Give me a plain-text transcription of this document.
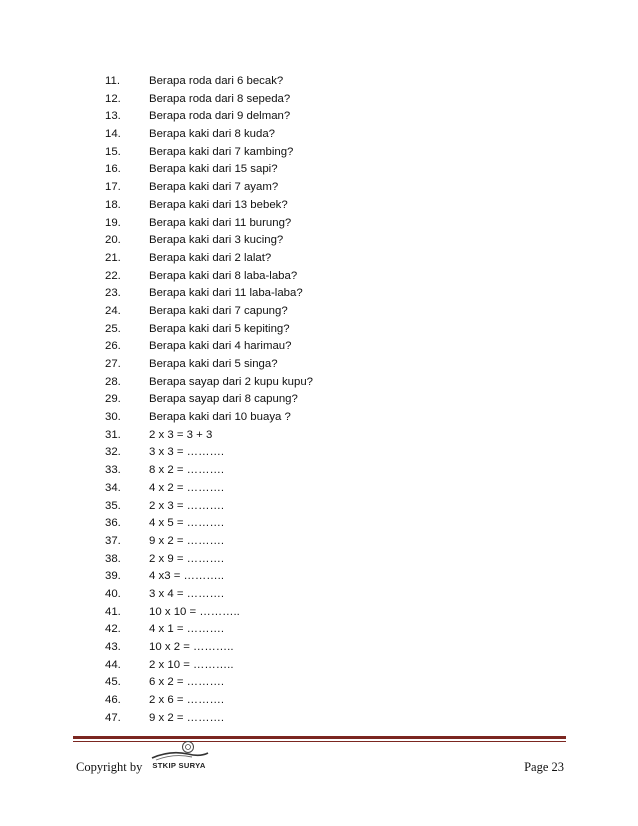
11.	Berapa roda dari 6 becak?
12. Berapa roda dari 8 sepeda?
13. Berapa roda dari 9 delman?
14. Berapa kaki dari 8 kuda?
15. Berapa kaki dari 7 kambing?
16. Berapa kaki dari 15 sapi?
17. Berapa kaki dari 7 ayam?
18. Berapa kaki dari 13 bebek?
19. Berapa kaki dari 11 burung?
20. Berapa kaki dari 3 kucing?
21. Berapa kaki dari 2 lalat?
22. Berapa kaki dari 8 laba-laba?
23. Berapa kaki dari 11 laba-laba?
24. Berapa kaki dari 7 capung?
25. Berapa kaki dari 5 kepiting?
26. Berapa kaki dari 4 harimau?
27. Berapa kaki dari 5 singa?
28. Berapa sayap dari 2 kupu kupu?
29. Berapa sayap dari 8 capung?
30. Berapa kaki dari 10 buaya ?
31. 2 x 3 = 3 + 3
32. 3 x 3 = ……….
33. 8 x 2 = ……….
34. 4 x 2 = ……….
35. 2 x 3 = ……….
36. 4 x 5 = ……….
37. 9 x 2 = ……….
38. 2 x 9 = ……….
39. 4 x3 = ………..
40. 3 x 4 = ……….
41. 10 x 10 = ………..
42. 4 x 1 = ……….
43. 10 x 2 = ………..
44. 2 x 10 = ………..
45. 6 x 2 = ……….
46. 2 x 6 = ……….
47. 9 x 2 = ……….
Copyright by	STKIP SURYA	Page 23
